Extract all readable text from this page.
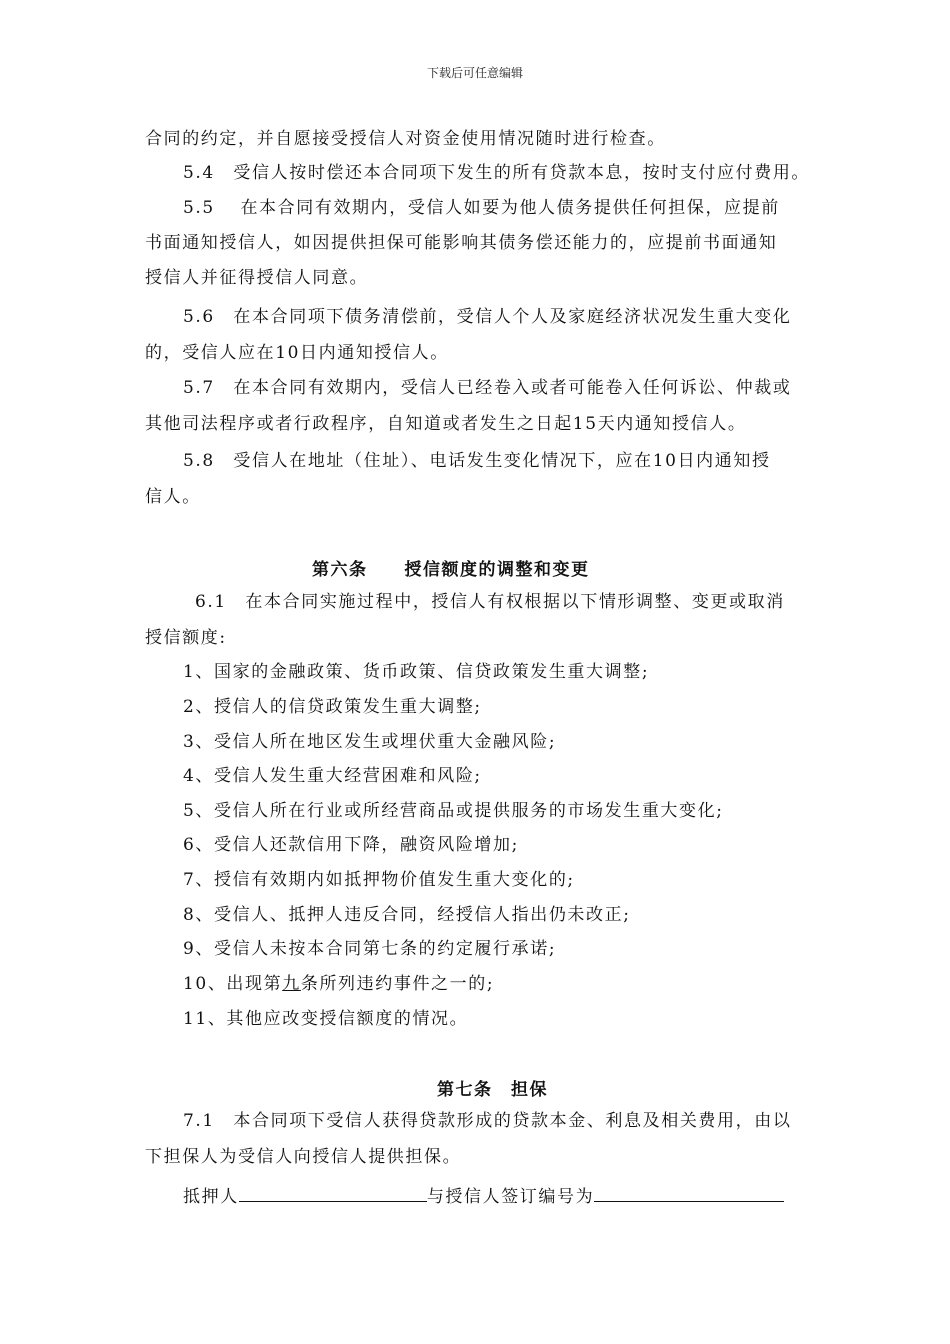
下载后可任意编辑
合同的约定，并自愿接受授信人对资金使用情况随时进行检查。
5.4　受信人按时偿还本合同项下发生的所有贷款本息，按时支付应付费用。
5.5　 在本合同有效期内，受信人如要为他人债务提供任何担保，应提前
书面通知授信人，如因提供担保可能影响其债务偿还能力的，应提前书面通知
授信人并征得授信人同意。
5.6　在本合同项下债务清偿前，受信人个人及家庭经济状况发生重大变化
的，受信人应在10日内通知授信人。
5.7　在本合同有效期内，受信人已经卷入或者可能卷入任何诉讼、仲裁或
其他司法程序或者行政程序，自知道或者发生之日起15天内通知授信人。
5.8　受信人在地址（住址）、电话发生变化情况下，应在10日内通知授
信人。
第六条　　授信额度的调整和变更
6.1　在本合同实施过程中，授信人有权根据以下情形调整、变更或取消
授信额度:
1、国家的金融政策、货币政策、信贷政策发生重大调整;
2、授信人的信贷政策发生重大调整;
3、受信人所在地区发生或埋伏重大金融风险;
4、受信人发生重大经营困难和风险;
5、受信人所在行业或所经营商品或提供服务的市场发生重大变化;
6、受信人还款信用下降，融资风险增加;
7、授信有效期内如抵押物价值发生重大变化的;
8、受信人、抵押人违反合同，经授信人指出仍未改正;
9、受信人未按本合同第七条的约定履行承诺;
10、出现第九条所列违约事件之一的;
11、其他应改变授信额度的情况。
第七条　担保
7.1　本合同项下受信人获得贷款形成的贷款本金、利息及相关费用，由以
下担保人为受信人向授信人提供担保。
抵押人	与授信人签订编号为
